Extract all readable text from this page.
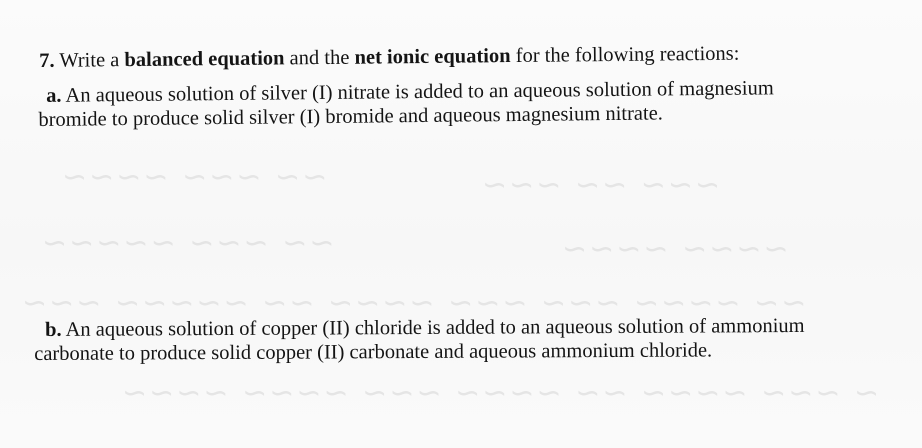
~~ ~~~ ~~~~	~~~ ~~ ~~~
~~ ~~~ ~~~~~	~~~~ ~~~~
~~ ~~~~ ~~~ ~~~ ~~~~ ~~ ~~~~~ ~~~
~ ~~~ ~~~~ ~~ ~~~~ ~~~ ~~~~ ~~~~
7. Write a balanced equation and the net ionic equation for the following reactions:
a. An aqueous solution of silver (I) nitrate is added to an aqueous solution of magnesium
bromide to produce solid silver (I) bromide and aqueous magnesium nitrate.
b. An aqueous solution of copper (II) chloride is added to an aqueous solution of ammonium
carbonate to produce solid copper (II) carbonate and aqueous ammonium chloride.
